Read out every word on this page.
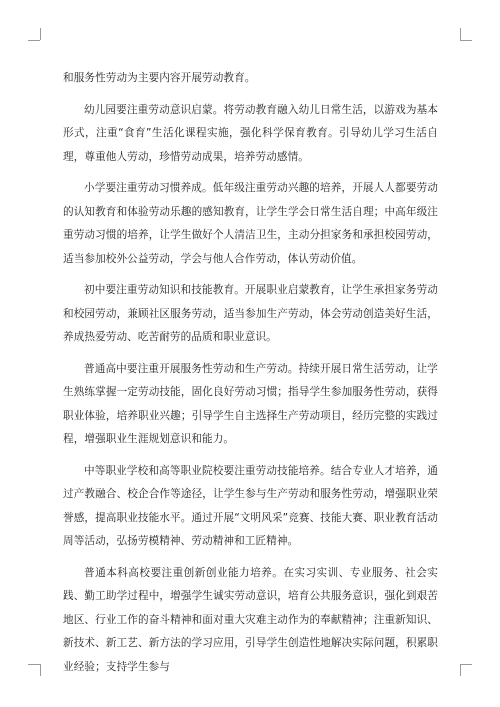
和服务性劳动为主要内容开展劳动教育。

幼儿园要注重劳动意识启蒙。将劳动教育融入幼儿日常生活，以游戏为基本形式，注重“食育”生活化课程实施，强化科学保育教育。引导幼儿学习生活自理，尊重他人劳动，珍惜劳动成果，培养劳动感情。

小学要注重劳动习惯养成。低年级注重劳动兴趣的培养，开展人人都要劳动的认知教育和体验劳动乐趣的感知教育，让学生学会日常生活自理；中高年级注重劳动习惯的培养，让学生做好个人清洁卫生，主动分担家务和承担校园劳动，适当参加校外公益劳动，学会与他人合作劳动，体认劳动价值。

初中要注重劳动知识和技能教育。开展职业启蒙教育，让学生承担家务劳动和校园劳动，兼顾社区服务劳动，适当参加生产劳动，体会劳动创造美好生活，养成热爱劳动、吃苦耐劳的品质和职业意识。

普通高中要注重开展服务性劳动和生产劳动。持续开展日常生活劳动，让学生熟练掌握一定劳动技能，固化良好劳动习惯；指导学生参加服务性劳动，获得职业体验，培养职业兴趣；引导学生自主选择生产劳动项目，经历完整的实践过程，增强职业生涯规划意识和能力。

中等职业学校和高等职业院校要注重劳动技能培养。结合专业人才培养，通过产教融合、校企合作等途径，让学生参与生产劳动和服务性劳动，增强职业荣誉感，提高职业技能水平。通过开展“文明风采”竞赛、技能大赛、职业教育活动周等活动，弘扬劳模精神、劳动精神和工匠精神。

普通本科高校要注重创新创业能力培养。在实习实训、专业服务、社会实践、勤工助学过程中，增强学生诚实劳动意识，培育公共服务意识，强化到艰苦地区、行业工作的奋斗精神和面对重大灾难主动作为的奉献精神；注重新知识、新技术、新工艺、新方法的学习应用，引导学生创造性地解决实际问题，积累职业经验；支持学生参与
